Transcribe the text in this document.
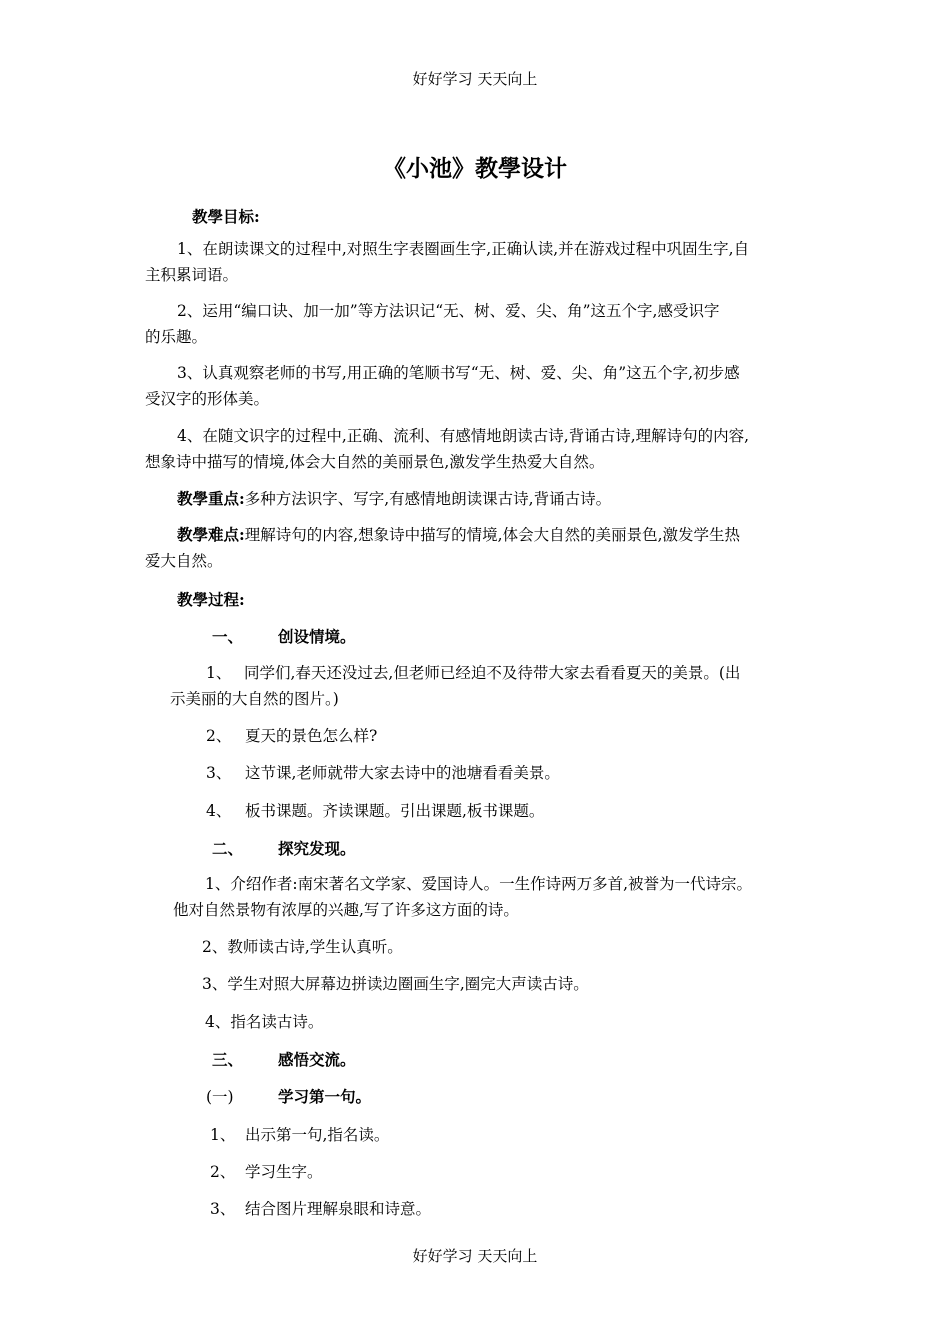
好好学习 天天向上
《小池》教學设计
教學目标:
1、在朗读课文的过程中,对照生字表圈画生字,正确认读,并在游戏过程中巩固生字,自
主积累词语。
2、运用“编口诀、加一加”等方法识记“无、树、爱、尖、角”这五个字,感受识字
的乐趣。
3、认真观察老师的书写,用正确的笔顺书写“无、树、爱、尖、角”这五个字,初步感
受汉字的形体美。
4、在随文识字的过程中,正确、流利、有感情地朗读古诗,背诵古诗,理解诗句的内容,
想象诗中描写的情境,体会大自然的美丽景色,激发学生热爱大自然。
教學重点:多种方法识字、写字,有感情地朗读课古诗,背诵古诗。
教學难点:理解诗句的内容,想象诗中描写的情境,体会大自然的美丽景色,激发学生热
爱大自然。
教學过程:
一、 创设情境。
1、 同学们,春天还没过去,但老师已经迫不及待带大家去看看夏天的美景。(出
示美丽的大自然的图片。)
2、 夏天的景色怎么样?
3、 这节课,老师就带大家去诗中的池塘看看美景。
4、 板书课题。齐读课题。引出课题,板书课题。
二、 探究发现。
1、介绍作者:南宋著名文学家、爱国诗人。一生作诗两万多首,被誉为一代诗宗。
他对自然景物有浓厚的兴趣,写了许多这方面的诗。
2、教师读古诗,学生认真听。
3、学生对照大屏幕边拼读边圈画生字,圈完大声读古诗。
4、指名读古诗。
三、 感悟交流。
(一)	学习第一句。
1、 出示第一句,指名读。
2、 学习生字。
3、 结合图片理解泉眼和诗意。
好好学习 天天向上
